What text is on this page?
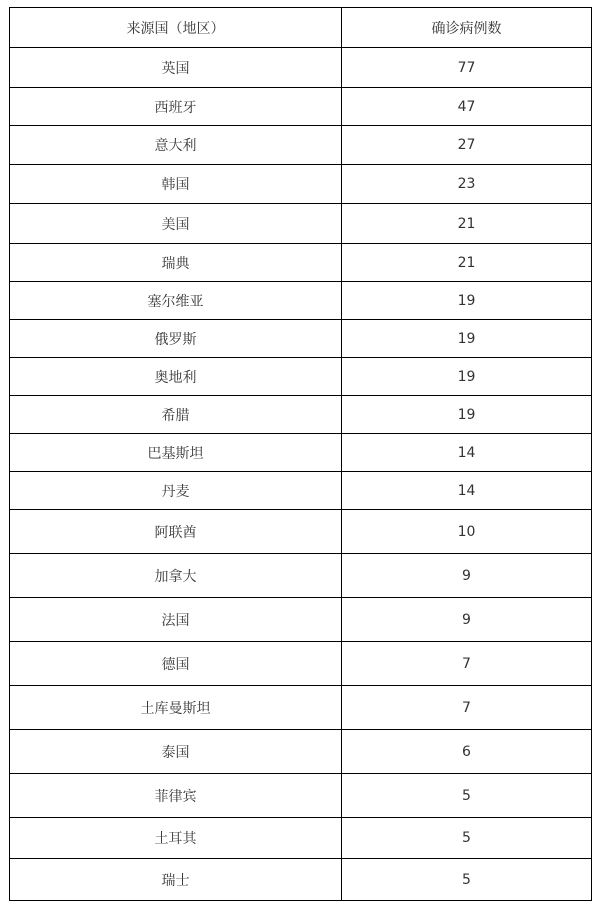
来源国（地区）	确诊病例数
英国	77
西班牙	47
意大利	27
韩国	23
美国	21
瑞典	21
塞尔维亚	19
俄罗斯	19
奥地利	19
希腊	19
巴基斯坦	14
丹麦	14
阿联酋	10
加拿大	9
法国	9
德国	7
土库曼斯坦	7
泰国	6
菲律宾	5
土耳其	5
瑞士	5
